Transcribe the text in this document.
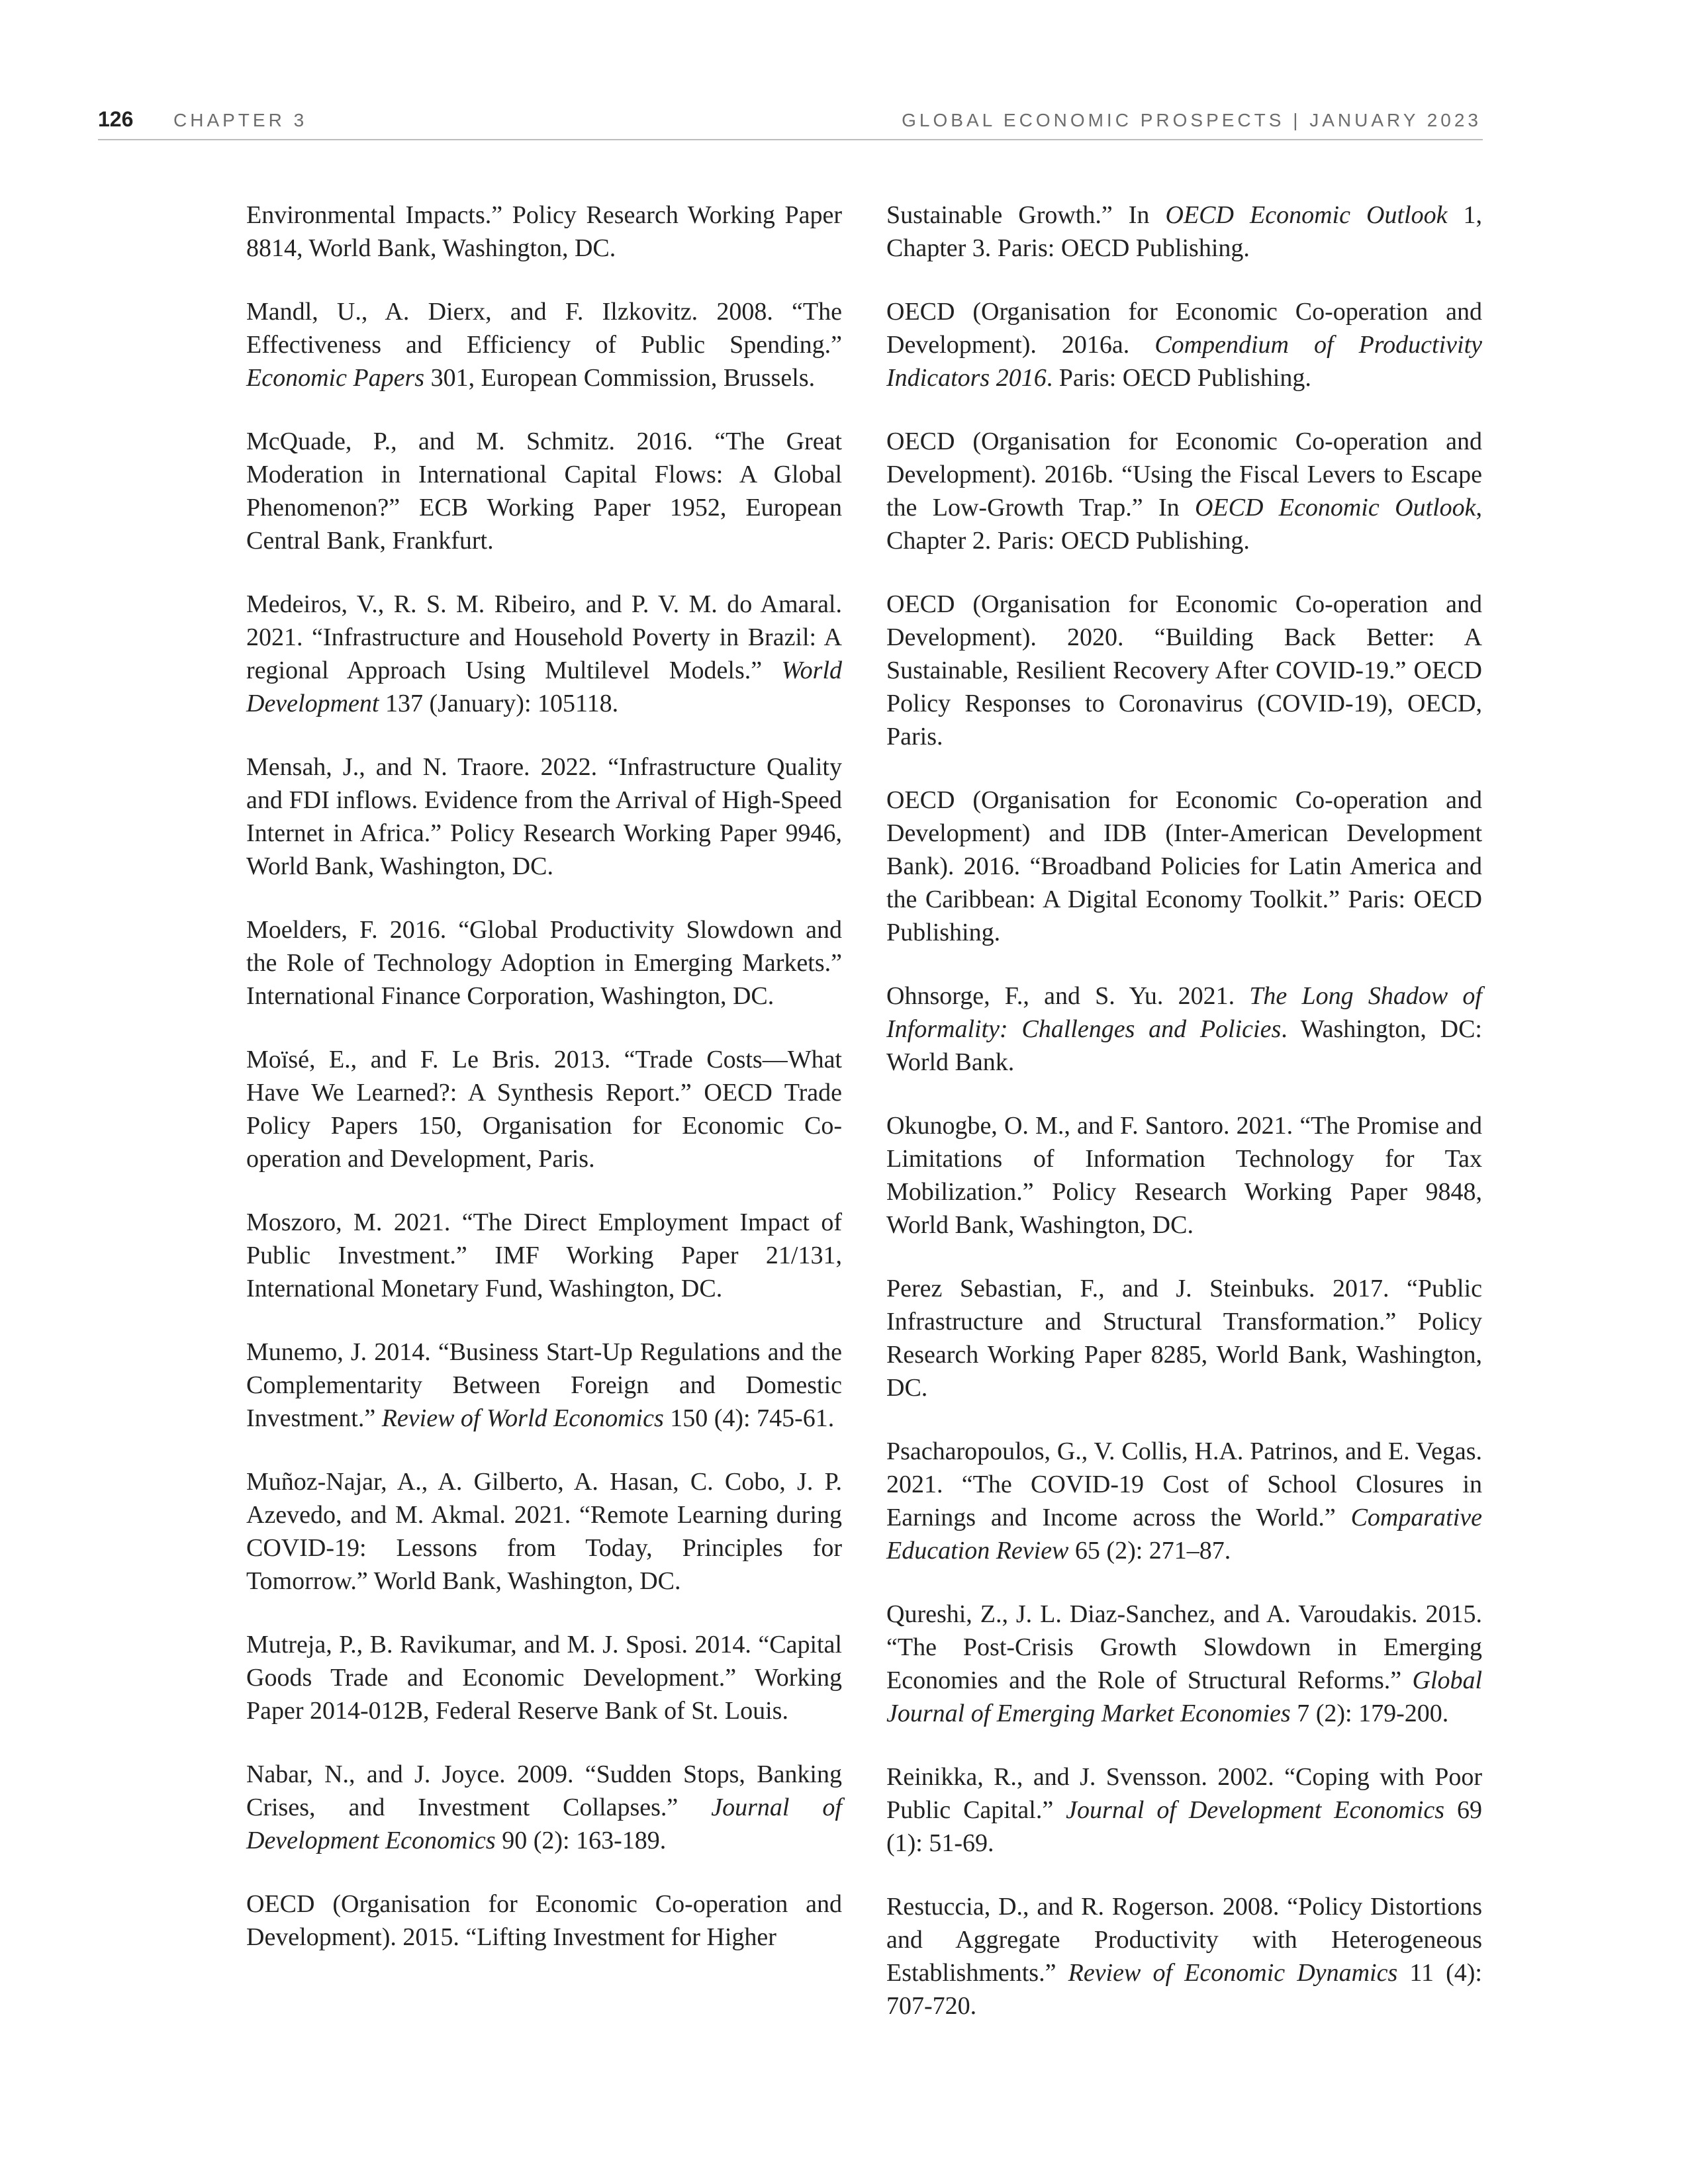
126 CHAPTER 3	GLOBAL ECONOMIC PROSPECTS | JANUARY 2023

Environmental Impacts.” Policy Research Working Paper 8814, World Bank, Washington, DC.

Mandl, U., A. Dierx, and F. Ilzkovitz. 2008. “The Effectiveness and Efficiency of Public Spending.” Economic Papers 301, European Commission, Brussels.

McQuade, P., and M. Schmitz. 2016. “The Great Moderation in International Capital Flows: A Global Phenomenon?” ECB Working Paper 1952, European Central Bank, Frankfurt.

Medeiros, V., R. S. M. Ribeiro, and P. V. M. do Amaral. 2021. “Infrastructure and Household Poverty in Brazil: A regional Approach Using Multilevel Models.” World Development 137 (January): 105118.

Mensah, J., and N. Traore. 2022. “Infrastructure Quality and FDI inflows. Evidence from the Arrival of High-Speed Internet in Africa.” Policy Research Working Paper 9946, World Bank, Washington, DC.

Moelders, F. 2016. “Global Productivity Slowdown and the Role of Technology Adoption in Emerging Markets.” International Finance Corporation, Washington, DC.

Moïsé, E., and F. Le Bris. 2013. “Trade Costs—What Have We Learned?: A Synthesis Report.” OECD Trade Policy Papers 150, Organisation for Economic Co-operation and Development, Paris.

Moszoro, M. 2021. “The Direct Employment Impact of Public Investment.” IMF Working Paper 21/131, International Monetary Fund, Washington, DC.

Munemo, J. 2014. “Business Start-Up Regulations and the Complementarity Between Foreign and Domestic Investment.” Review of World Economics 150 (4): 745-61.

Muñoz-Najar, A., A. Gilberto, A. Hasan, C. Cobo, J. P. Azevedo, and M. Akmal. 2021. “Remote Learning during COVID-19: Lessons from Today, Principles for Tomorrow.” World Bank, Washington, DC.

Mutreja, P., B. Ravikumar, and M. J. Sposi. 2014. “Capital Goods Trade and Economic Development.” Working Paper 2014-012B, Federal Reserve Bank of St. Louis.

Nabar, N., and J. Joyce. 2009. “Sudden Stops, Banking Crises, and Investment Collapses.” Journal of Development Economics 90 (2): 163-189.

OECD (Organisation for Economic Co-operation and Development). 2015. “Lifting Investment for Higher

Sustainable Growth.” In OECD Economic Outlook 1, Chapter 3. Paris: OECD Publishing.

OECD (Organisation for Economic Co-operation and Development). 2016a. Compendium of Productivity Indicators 2016. Paris: OECD Publishing.

OECD (Organisation for Economic Co-operation and Development). 2016b. “Using the Fiscal Levers to Escape the Low-Growth Trap.” In OECD Economic Outlook, Chapter 2. Paris: OECD Publishing.

OECD (Organisation for Economic Co-operation and Development). 2020. “Building Back Better: A Sustainable, Resilient Recovery After COVID-19.” OECD Policy Responses to Coronavirus (COVID-19), OECD, Paris.

OECD (Organisation for Economic Co-operation and Development) and IDB (Inter-American Development Bank). 2016. “Broadband Policies for Latin America and the Caribbean: A Digital Economy Toolkit.” Paris: OECD Publishing.

Ohnsorge, F., and S. Yu. 2021. The Long Shadow of Informality: Challenges and Policies. Washington, DC: World Bank.

Okunogbe, O. M., and F. Santoro. 2021. “The Promise and Limitations of Information Technology for Tax Mobilization.” Policy Research Working Paper 9848, World Bank, Washington, DC.

Perez Sebastian, F., and J. Steinbuks. 2017. “Public Infrastructure and Structural Transformation.” Policy Research Working Paper 8285, World Bank, Washington, DC.

Psacharopoulos, G., V. Collis, H.A. Patrinos, and E. Vegas. 2021. “The COVID-19 Cost of School Closures in Earnings and Income across the World.” Comparative Education Review 65 (2): 271–87.

Qureshi, Z., J. L. Diaz-Sanchez, and A. Varoudakis. 2015. “The Post-Crisis Growth Slowdown in Emerging Economies and the Role of Structural Reforms.” Global Journal of Emerging Market Economies 7 (2): 179-200.

Reinikka, R., and J. Svensson. 2002. “Coping with Poor Public Capital.” Journal of Development Economics 69 (1): 51-69.

Restuccia, D., and R. Rogerson. 2008. “Policy Distortions and Aggregate Productivity with Heterogeneous Establishments.” Review of Economic Dynamics 11 (4): 707-720.
